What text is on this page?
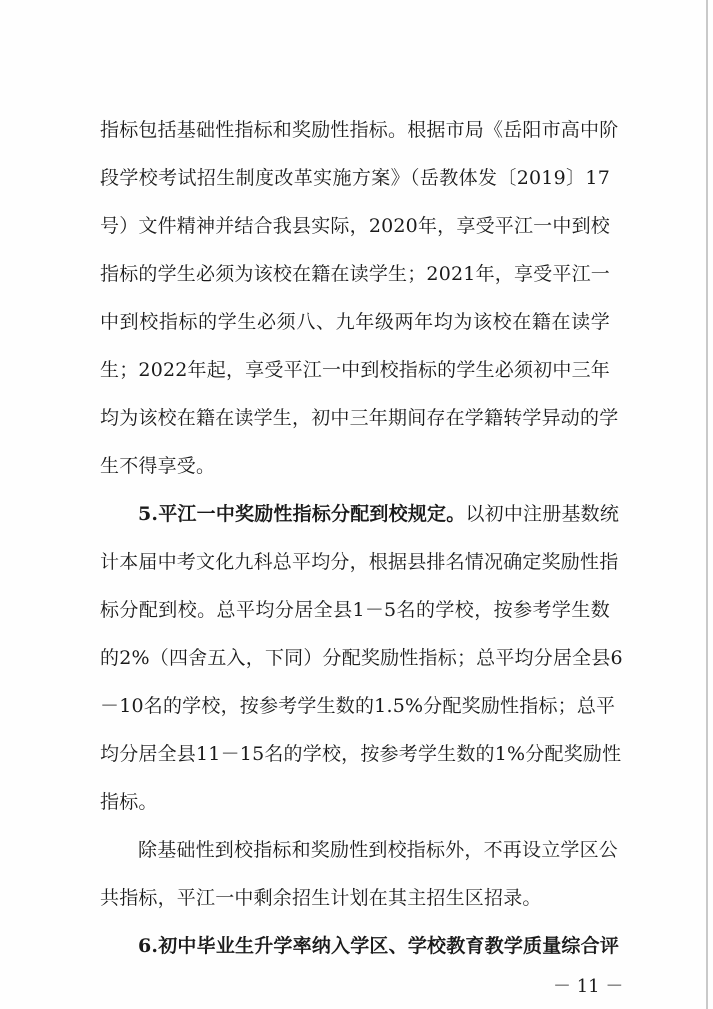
指标包括基础性指标和奖励性指标。根据市局《岳阳市高中阶
段学校考试招生制度改革实施方案》（岳教体发〔2019〕17
号）文件精神并结合我县实际，2020年，享受平江一中到校
指标的学生必须为该校在籍在读学生；2021年，享受平江一
中到校指标的学生必须八、九年级两年均为该校在籍在读学
生；2022年起，享受平江一中到校指标的学生必须初中三年
均为该校在籍在读学生，初中三年期间存在学籍转学异动的学
生不得享受。
5.平江一中奖励性指标分配到校规定。以初中注册基数统
计本届中考文化九科总平均分，根据县排名情况确定奖励性指
标分配到校。总平均分居全县1－5名的学校，按参考学生数
的2%（四舍五入，下同）分配奖励性指标；总平均分居全县6
－10名的学校，按参考学生数的1.5%分配奖励性指标；总平
均分居全县11－15名的学校，按参考学生数的1%分配奖励性
指标。
除基础性到校指标和奖励性到校指标外，不再设立学区公
共指标，平江一中剩余招生计划在其主招生区招录。
6.初中毕业生升学率纳入学区、学校教育教学质量综合评
－ 11 －
